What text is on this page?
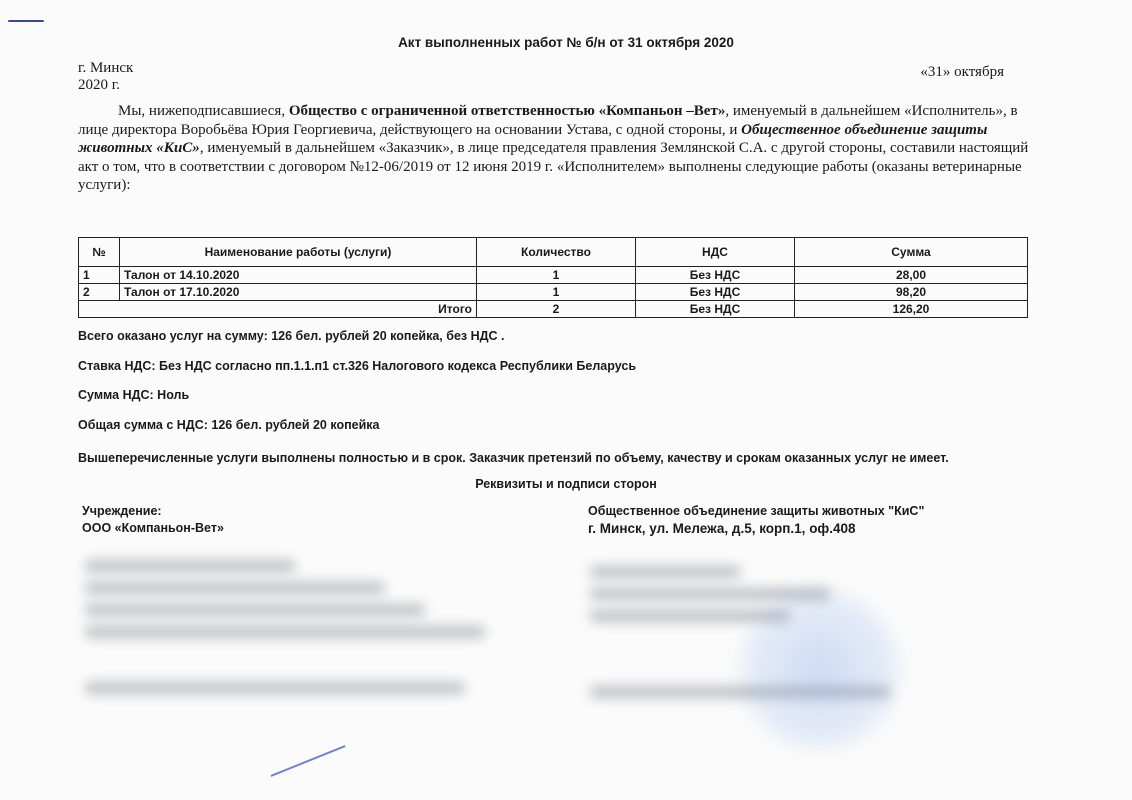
Акт выполненных работ № б/н от 31 октября 2020
г. Минск
2020 г.
«31» октября
Мы, нижеподписавшиеся, Общество с ограниченной ответственностью «Компаньон –Вет», именуемый в дальнейшем «Исполнитель», в лице директора Воробьёва Юрия Георгиевича, действующего на основании Устава, с одной стороны, и Общественное объединение защиты животных «КиС», именуемый в дальнейшем «Заказчик», в лице председателя правления Землянской С.А. с другой стороны, составили настоящий акт о том, что в соответствии с договором №12-06/2019 от 12 июня 2019 г. «Исполнителем» выполнены следующие работы (оказаны ветеринарные услуги):
№	Наименование работы (услуги)	Количество	НДС	Сумма
1	Талон от 14.10.2020	1	Без НДС	28,00
2	Талон от 17.10.2020	1	Без НДС	98,20
Итого		2	Без НДС	126,20
Всего оказано услуг на сумму: 126 бел. рублей 20 копейка, без НДС .
Ставка НДС: Без НДС согласно пп.1.1.п1 ст.326 Налогового кодекса Республики Беларусь
Сумма НДС: Ноль
Общая сумма с НДС: 126 бел. рублей 20 копейка
Вышеперечисленные услуги выполнены полностью и в срок. Заказчик претензий по объему, качеству и срокам оказанных услуг не имеет.
Реквизиты и подписи сторон
Учреждение:
ООО «Компаньон-Вет»
Общественное объединение защиты животных "КиС"
г. Минск, ул. Мележа, д.5, корп.1, оф.408
